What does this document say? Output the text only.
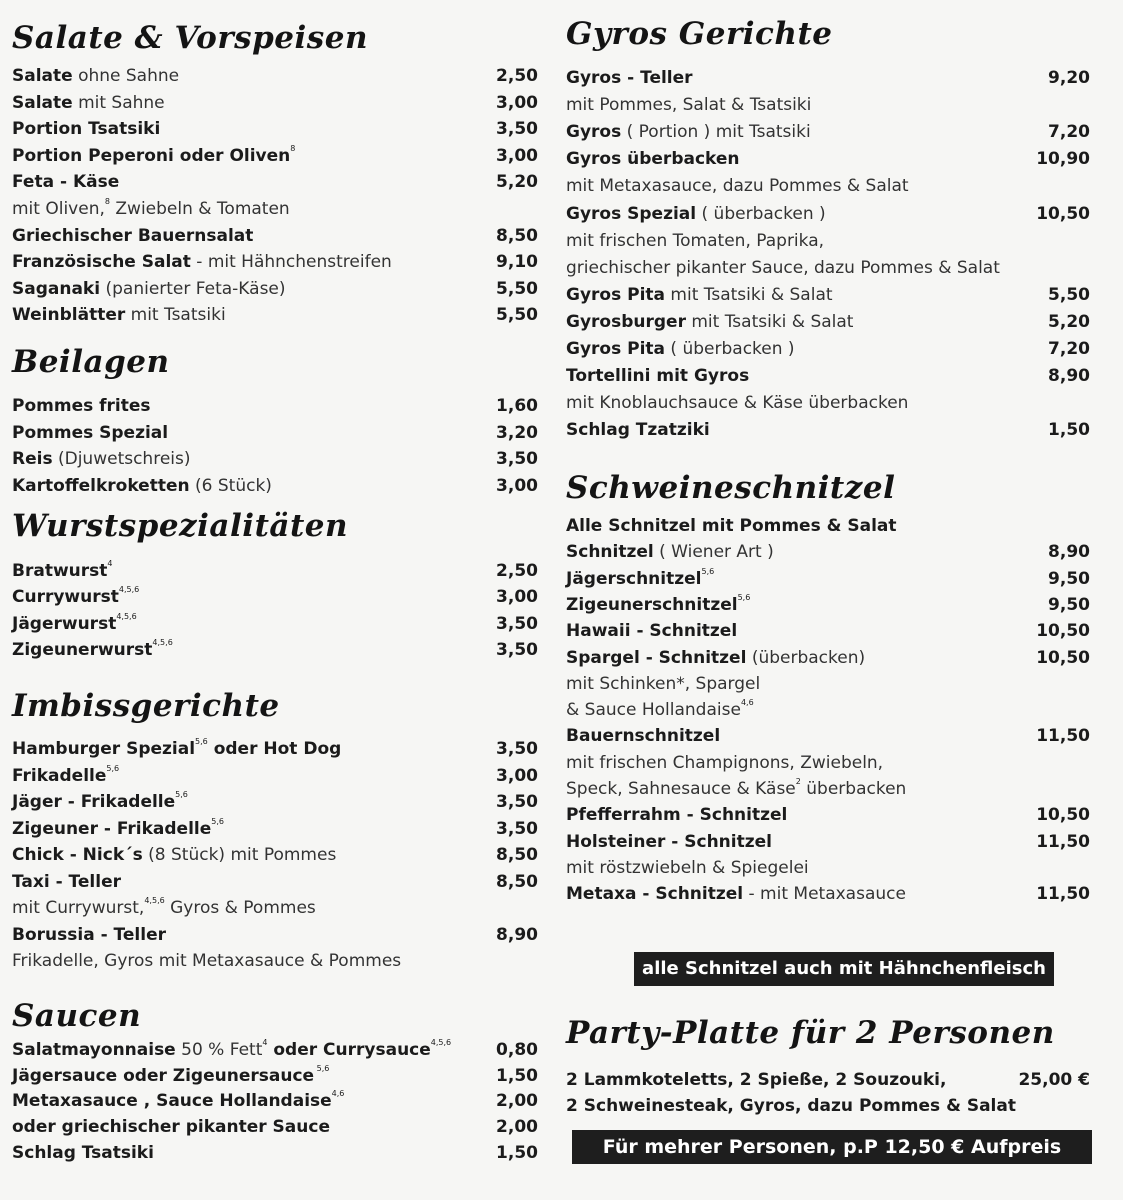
Salate & Vorspeisen
Salate ohne Sahne	2,50
Salate mit Sahne	3,00
Portion Tsatsiki	3,50
Portion Peperoni oder Oliven$^8$	3,00
Feta - Käse	5,20
mit Oliven,$^8$ Zwiebeln & Tomaten
Griechischer Bauernsalat	8,50
Französische Salat - mit Hähnchenstreifen	9,10
Saganaki (panierter Feta-Käse)	5,50
Weinblätter mit Tsatsiki	5,50
Beilagen
Pommes frites	1,60
Pommes Spezial	3,20
Reis (Djuwetschreis)	3,50
Kartoffelkroketten (6 Stück)	3,00
Wurstspezialitäten
Bratwurst$^4$	2,50
Currywurst$^{4,5,6}$	3,00
Jägerwurst$^{4,5,6}$	3,50
Zigeunerwurst$^{4,5,6}$	3,50
Imbissgerichte
Hamburger Spezial$^{5,6}$ oder Hot Dog	3,50
Frikadelle$^{5,6}$	3,00
Jäger - Frikadelle$^{5,6}$	3,50
Zigeuner - Frikadelle$^{5,6}$	3,50
Chick - Nick´s (8 Stück) mit Pommes	8,50
Taxi - Teller	8,50
mit Currywurst,$^{4,5,6}$ Gyros & Pommes
Borussia - Teller	8,90
Frikadelle, Gyros mit Metaxasauce & Pommes
Saucen
Salatmayonnaise 50 % Fett$^4$ oder Currysauce$^{4,5,6}$	0,80
Jägersauce oder Zigeunersauce $^{5,6}$	1,50
Metaxasauce , Sauce Hollandaise$^{4,6}$	2,00
oder griechischer pikanter Sauce	2,00
Schlag Tsatsiki	1,50
Gyros Gerichte
Gyros - Teller	9,20
mit Pommes, Salat & Tsatsiki
Gyros ( Portion ) mit Tsatsiki	7,20
Gyros überbacken	10,90
mit Metaxasauce, dazu Pommes & Salat
Gyros Spezial ( überbacken )	10,50
mit frischen Tomaten, Paprika,
griechischer pikanter Sauce, dazu Pommes & Salat
Gyros Pita mit Tsatsiki & Salat	5,50
Gyrosburger mit Tsatsiki & Salat	5,20
Gyros Pita ( überbacken )	7,20
Tortellini mit Gyros	8,90
mit Knoblauchsauce & Käse überbacken
Schlag Tzatziki	1,50
Schweineschnitzel
Alle Schnitzel mit Pommes & Salat
Schnitzel ( Wiener Art )	8,90
Jägerschnitzel$^{5,6}$	9,50
Zigeunerschnitzel$^{5,6}$	9,50
Hawaii - Schnitzel	10,50
Spargel - Schnitzel (überbacken)	10,50
mit Schinken*, Spargel
& Sauce Hollandaise$^{4,6}$
Bauernschnitzel	11,50
mit frischen Champignons, Zwiebeln,
Speck, Sahnesauce & Käse$^2$ überbacken
Pfefferrahm - Schnitzel	10,50
Holsteiner - Schnitzel	11,50
mit röstzwiebeln & Spiegelei
Metaxa - Schnitzel - mit Metaxasauce	11,50
alle Schnitzel auch mit Hähnchenfleisch
Party-Platte für 2 Personen
2 Lammkoteletts, 2 Spieße, 2 Souzouki,	25,00 €
2 Schweinesteak, Gyros, dazu Pommes & Salat
Für mehrer Personen, p.P 12,50 € Aufpreis
